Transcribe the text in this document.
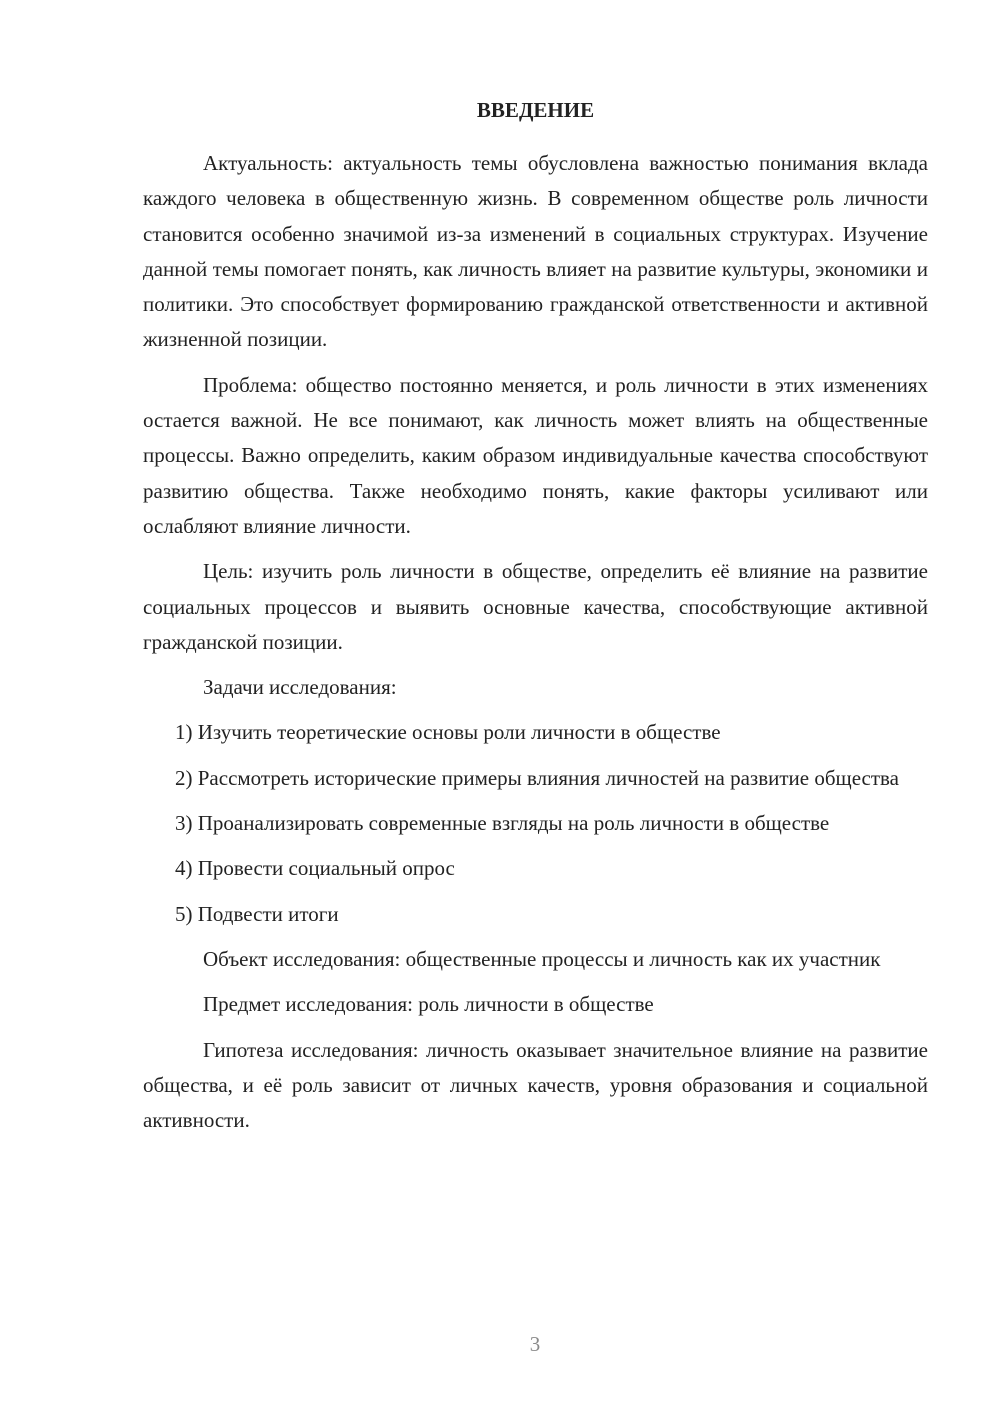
ВВЕДЕНИЕ

Актуальность: актуальность темы обусловлена важностью понимания вклада каждого человека в общественную жизнь. В современном обществе роль личности становится особенно значимой из-за изменений в социальных структурах. Изучение данной темы помогает понять, как личность влияет на развитие культуры, экономики и политики. Это способствует формированию гражданской ответственности и активной жизненной позиции.

Проблема: общество постоянно меняется, и роль личности в этих изменениях остается важной. Не все понимают, как личность может влиять на общественные процессы. Важно определить, каким образом индивидуальные качества способствуют развитию общества. Также необходимо понять, какие факторы усиливают или ослабляют влияние личности.

Цель: изучить роль личности в обществе, определить её влияние на развитие социальных процессов и выявить основные качества, способствующие активной гражданской позиции.

Задачи исследования:

1) Изучить теоретические основы роли личности в обществе

2) Рассмотреть исторические примеры влияния личностей на развитие общества

3) Проанализировать современные взгляды на роль личности в обществе

4) Провести социальный опрос

5) Подвести итоги

Объект исследования: общественные процессы и личность как их участник

Предмет исследования: роль личности в обществе

Гипотеза исследования: личность оказывает значительное влияние на развитие общества, и её роль зависит от личных качеств, уровня образования и социальной активности.

3
